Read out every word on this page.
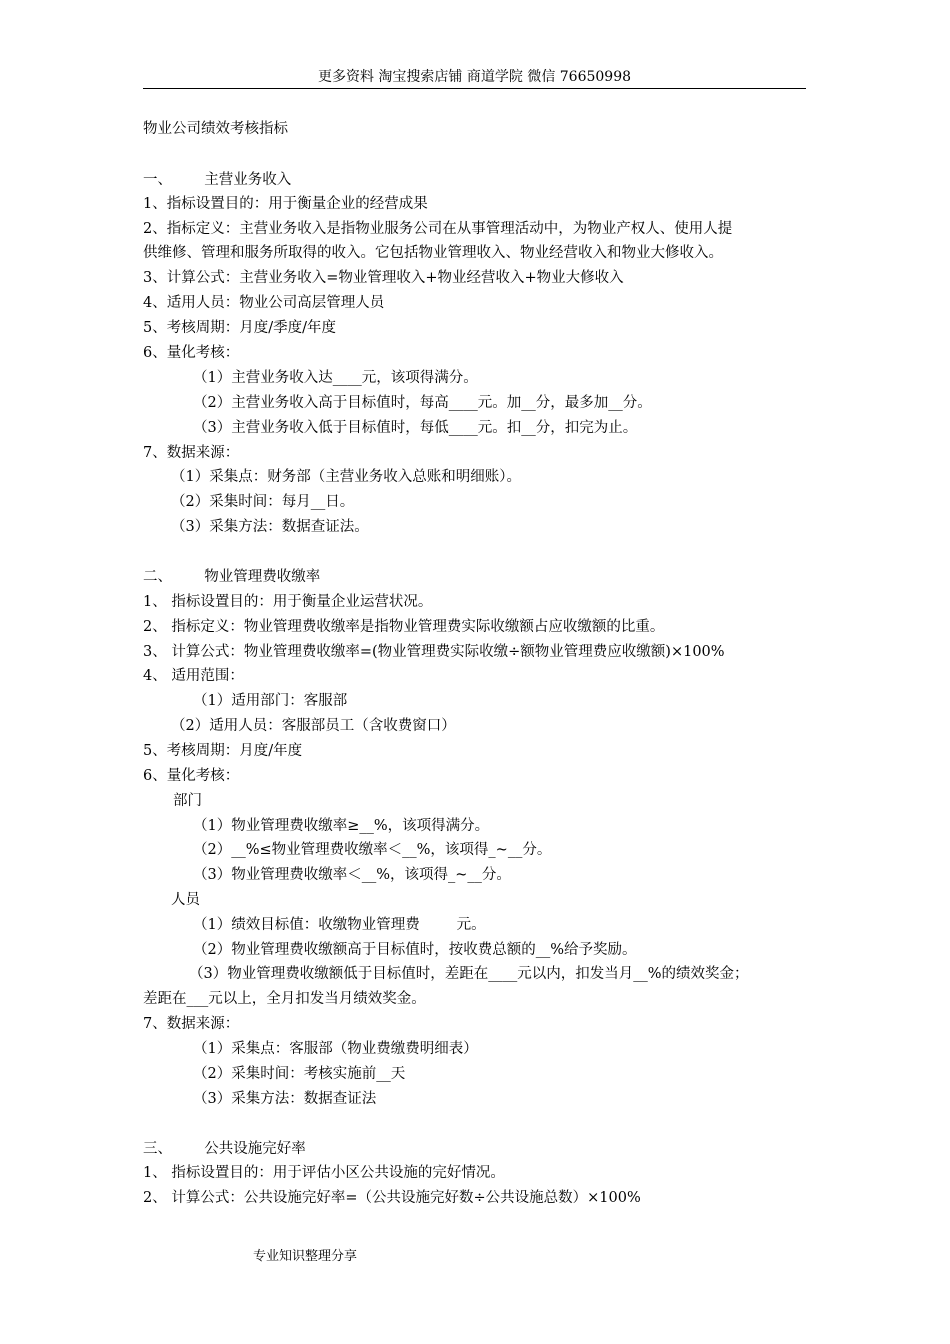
更多资料 淘宝搜索店铺 商道学院 微信 76650998
物业公司绩效考核指标
一、       主营业务收入
1、指标设置目的：用于衡量企业的经营成果
2、指标定义：主营业务收入是指物业服务公司在从事管理活动中，为物业产权人、使用人提
供维修、管理和服务所取得的收入。它包括物业管理收入、物业经营收入和物业大修收入。
3、计算公式：主营业务收入=物业管理收入+物业经营收入+物业大修收入
4、适用人员：物业公司高层管理人员
5、考核周期：月度/季度/年度
6、量化考核：
（1）主营业务收入达____元，该项得满分。
（2）主营业务收入高于目标值时，每高____元。加__分，最多加__分。
（3）主营业务收入低于目标值时，每低____元。扣__分，扣完为止。
7、数据来源：
（1）采集点：财务部（主营业务收入总账和明细账）。
（2）采集时间：每月__日。
（3）采集方法：数据查证法。
二、       物业管理费收缴率
1、 指标设置目的：用于衡量企业运营状况。
2、 指标定义：物业管理费收缴率是指物业管理费实际收缴额占应收缴额的比重。
3、 计算公式：物业管理费收缴率=(物业管理费实际收缴÷额物业管理费应收缴额)×100%
4、 适用范围：
（1）适用部门：客服部
（2）适用人员：客服部员工（含收费窗口）
5、考核周期：月度/年度
6、量化考核：
部门
（1）物业管理费收缴率≥__%，该项得满分。
（2）__%≤物业管理费收缴率＜__%，该项得_~__分。
（3）物业管理费收缴率＜__%，该项得_~__分。
人员
（1）绩效目标值：收缴物业管理费        元。
（2）物业管理费收缴额高于目标值时，按收费总额的__%给予奖励。
（3）物业管理费收缴额低于目标值时，差距在____元以内，扣发当月__%的绩效奖金；
差距在___元以上，全月扣发当月绩效奖金。
7、数据来源：
（1）采集点：客服部（物业费缴费明细表）
（2）采集时间：考核实施前__天
（3）采集方法：数据查证法
三、       公共设施完好率
1、 指标设置目的：用于评估小区公共设施的完好情况。
2、 计算公式：公共设施完好率=（公共设施完好数÷公共设施总数）×100%
专业知识整理分享
